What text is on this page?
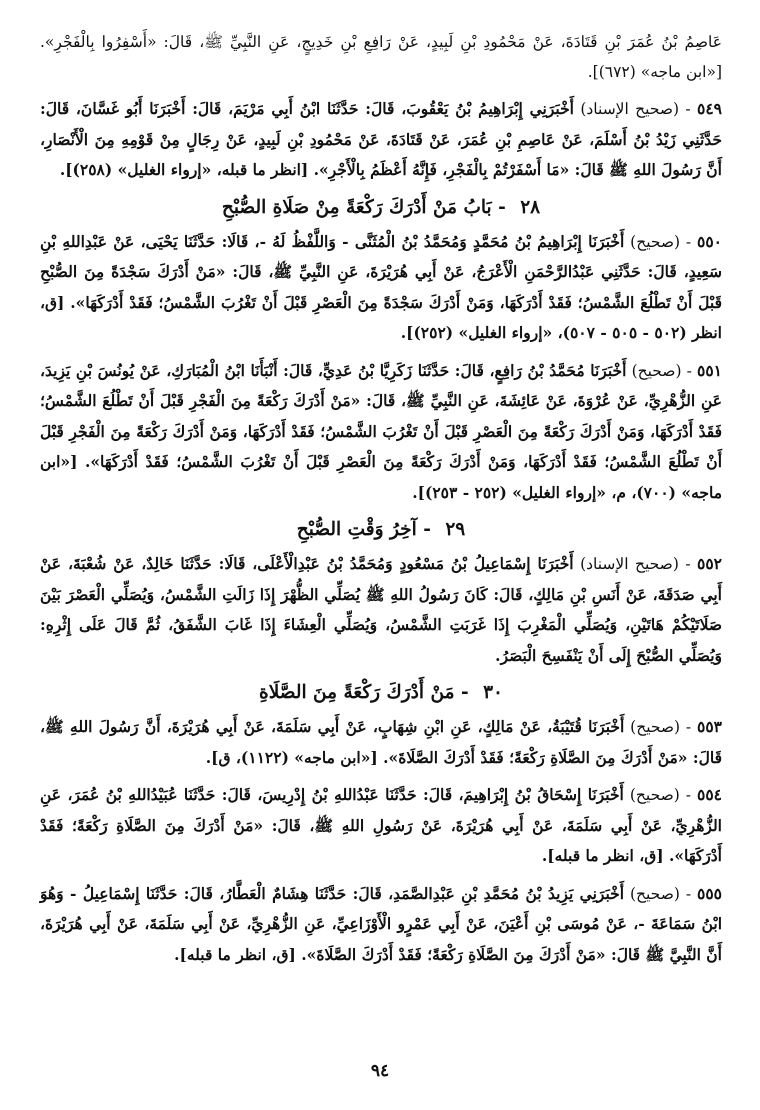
عَاصِمُ بْنُ عُمَرَ بْنِ قَتَادَةَ، عَنْ مَحْمُودِ بْنِ لَبِيدٍ، عَنْ رَافِعِ بْنِ خَدِيجٍ، عَنِ النَّبِيِّ ﷺ، قَالَ: «أَسْفِرُوا بِالْفَجْرِ». [«ابن ماجه» (٦٧٢)].

٥٤٩ - (صحيح الإسناد) أَخْبَرَنِي إِبْرَاهِيمُ بْنُ يَعْقُوبَ، قَالَ: حَدَّثَنَا ابْنُ أَبِي مَرْيَمَ، قَالَ: أَخْبَرَنَا أَبُو غَسَّانَ، قَالَ: حَدَّثَنِي زَيْدُ بْنُ أَسْلَمَ، عَنْ عَاصِمِ بْنِ عُمَرَ، عَنْ قَتَادَةَ، عَنْ مَحْمُودِ بْنِ لَبِيدٍ، عَنْ رِجَالٍ مِنْ قَوْمِهِ مِنَ الْأَنْصَارِ، أَنَّ رَسُولَ اللهِ ﷺ قَالَ: «مَا أَسْفَرْتُمْ بِالْفَجْرِ، فَإِنَّهُ أَعْظَمُ بِالْأَجْرِ». [انظر ما قبله، «إرواء الغليل» (٢٥٨)].

٢٨ - بَابُ مَنْ أَدْرَكَ رَكْعَةً مِنْ صَلَاةِ الصُّبْحِ

٥٥٠ - (صحيح) أَخْبَرَنَا إِبْرَاهِيمُ بْنُ مُحَمَّدٍ وَمُحَمَّدُ بْنُ الْمُثَنَّى - وَاللَّفْظُ لَهُ -، قَالَا: حَدَّثَنَا يَحْيَى، عَنْ عَبْدِاللهِ بْنِ سَعِيدٍ، قَالَ: حَدَّثَنِي عَبْدُالرَّحْمَنِ الْأَعْرَجُ، عَنْ أَبِي هُرَيْرَةَ، عَنِ النَّبِيِّ ﷺ، قَالَ: «مَنْ أَدْرَكَ سَجْدَةً مِنَ الصُّبْحِ قَبْلَ أَنْ تَطْلُعَ الشَّمْسُ؛ فَقَدْ أَدْرَكَهَا، وَمَنْ أَدْرَكَ سَجْدَةً مِنَ الْعَصْرِ قَبْلَ أَنْ تَغْرُبَ الشَّمْسُ؛ فَقَدْ أَدْرَكَهَا». [ق، انظر (٥٠٢ - ٥٠٥ - ٥٠٧)، «إرواء الغليل» (٢٥٢)].

٥٥١ - (صحيح) أَخْبَرَنَا مُحَمَّدُ بْنُ رَافِعٍ، قَالَ: حَدَّثَنَا زَكَرِيَّا بْنُ عَدِيٍّ، قَالَ: أَنْبَأَنَا ابْنُ الْمُبَارَكِ، عَنْ يُونُسَ بْنِ يَزِيدَ، عَنِ الزُّهْرِيِّ، عَنْ عُرْوَةَ، عَنْ عَائِشَةَ، عَنِ النَّبِيِّ ﷺ، قَالَ: «مَنْ أَدْرَكَ رَكْعَةً مِنَ الْفَجْرِ قَبْلَ أَنْ تَطْلُعَ الشَّمْسُ؛ فَقَدْ أَدْرَكَهَا، وَمَنْ أَدْرَكَ رَكْعَةً مِنَ الْعَصْرِ قَبْلَ أَنْ تَغْرُبَ الشَّمْسُ؛ فَقَدْ أَدْرَكَهَا، وَمَنْ أَدْرَكَ رَكْعَةً مِنَ الْفَجْرِ قَبْلَ أَنْ تَطْلُعَ الشَّمْسُ؛ فَقَدْ أَدْرَكَهَا، وَمَنْ أَدْرَكَ رَكْعَةً مِنَ الْعَصْرِ قَبْلَ أَنْ تَغْرُبَ الشَّمْسُ؛ فَقَدْ أَدْرَكَهَا». [«ابن ماجه» (٧٠٠)، م، «إرواء الغليل» (٢٥٢ - ٢٥٣)].

٢٩ - آخِرُ وَقْتِ الصُّبْحِ

٥٥٢ - (صحيح الإسناد) أَخْبَرَنَا إِسْمَاعِيلُ بْنُ مَسْعُودٍ وَمُحَمَّدُ بْنُ عَبْدِالْأَعْلَى، قَالَا: حَدَّثَنَا خَالِدٌ، عَنْ شُعْبَةَ، عَنْ أَبِي صَدَقَةَ، عَنْ أَنَسِ بْنِ مَالِكٍ، قَالَ: كَانَ رَسُولُ اللهِ ﷺ يُصَلِّي الظُّهْرَ إِذَا زَالَتِ الشَّمْسُ، وَيُصَلِّي الْعَصْرَ بَيْنَ صَلَاتَيْكُمْ هَاتَيْنِ، وَيُصَلِّي الْمَغْرِبَ إِذَا غَرَبَتِ الشَّمْسُ، وَيُصَلِّي الْعِشَاءَ إِذَا غَابَ الشَّفَقُ، ثُمَّ قَالَ عَلَى إِثْرِهِ: وَيُصَلِّي الصُّبْحَ إِلَى أَنْ يَنْفَسِحَ الْبَصَرُ.

٣٠ - مَنْ أَدْرَكَ رَكْعَةً مِنَ الصَّلَاةِ

٥٥٣ - (صحيح) أَخْبَرَنَا قُتَيْبَةُ، عَنْ مَالِكٍ، عَنِ ابْنِ شِهَابٍ، عَنْ أَبِي سَلَمَةَ، عَنْ أَبِي هُرَيْرَةَ، أَنَّ رَسُولَ اللهِ ﷺ، قَالَ: «مَنْ أَدْرَكَ مِنَ الصَّلَاةِ رَكْعَةً؛ فَقَدْ أَدْرَكَ الصَّلَاةَ». [«ابن ماجه» (١١٢٢)، ق].

٥٥٤ - (صحيح) أَخْبَرَنَا إِسْحَاقُ بْنُ إِبْرَاهِيمَ، قَالَ: حَدَّثَنَا عَبْدُاللهِ بْنُ إِدْرِيسَ، قَالَ: حَدَّثَنَا عُبَيْدُاللهِ بْنُ عُمَرَ، عَنِ الزُّهْرِيِّ، عَنْ أَبِي سَلَمَةَ، عَنْ أَبِي هُرَيْرَةَ، عَنْ رَسُولِ اللهِ ﷺ، قَالَ: «مَنْ أَدْرَكَ مِنَ الصَّلَاةِ رَكْعَةً؛ فَقَدْ أَدْرَكَهَا». [ق، انظر ما قبله].

٥٥٥ - (صحيح) أَخْبَرَنِي يَزِيدُ بْنُ مُحَمَّدِ بْنِ عَبْدِالصَّمَدِ، قَالَ: حَدَّثَنَا هِشَامٌ الْعَطَّارُ، قَالَ: حَدَّثَنَا إِسْمَاعِيلُ - وَهُوَ ابْنُ سَمَاعَةَ -، عَنْ مُوسَى بْنِ أَعْيَنَ، عَنْ أَبِي عَمْرٍو الْأَوْزَاعِيِّ، عَنِ الزُّهْرِيِّ، عَنْ أَبِي سَلَمَةَ، عَنْ أَبِي هُرَيْرَةَ، أَنَّ النَّبِيَّ ﷺ قَالَ: «مَنْ أَدْرَكَ مِنَ الصَّلَاةِ رَكْعَةً؛ فَقَدْ أَدْرَكَ الصَّلَاةَ». [ق، انظر ما قبله].

٩٤
